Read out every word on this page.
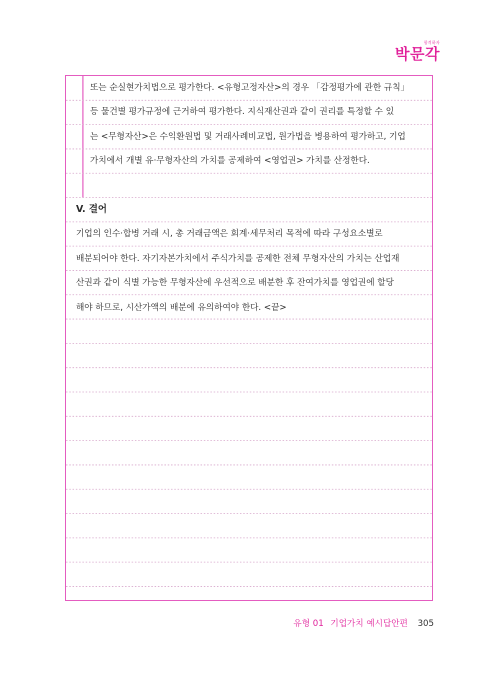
합격하자
박문각
또는 순실현가치법으로 평가한다. <유형고정자산>의 경우 「감정평가에 관한 규칙」
등 물건별 평가규정에 근거하여 평가한다. 지식재산권과 같이 권리를 특정할 수 있
는 <무형자산>은 수익환원법 및 거래사례비교법, 원가법을 병용하여 평가하고, 기업
가치에서 개별 유·무형자산의 가치를 공제하여 <영업권> 가치를 산정한다.
V. 결어
기업의 인수·합병 거래 시, 총 거래금액은 회계·세무처리 목적에 따라 구성요소별로
배분되어야 한다. 자기자본가치에서 주식가치를 공제한 전체 무형자산의 가치는 산업재
산권과 같이 식별 가능한 무형자산에 우선적으로 배분한 후 잔여가치를 영업권에 할당
해야 하므로, 시산가액의 배분에 유의하여야 한다. <끝>
유형 01 기업가치 예시답안편 305
